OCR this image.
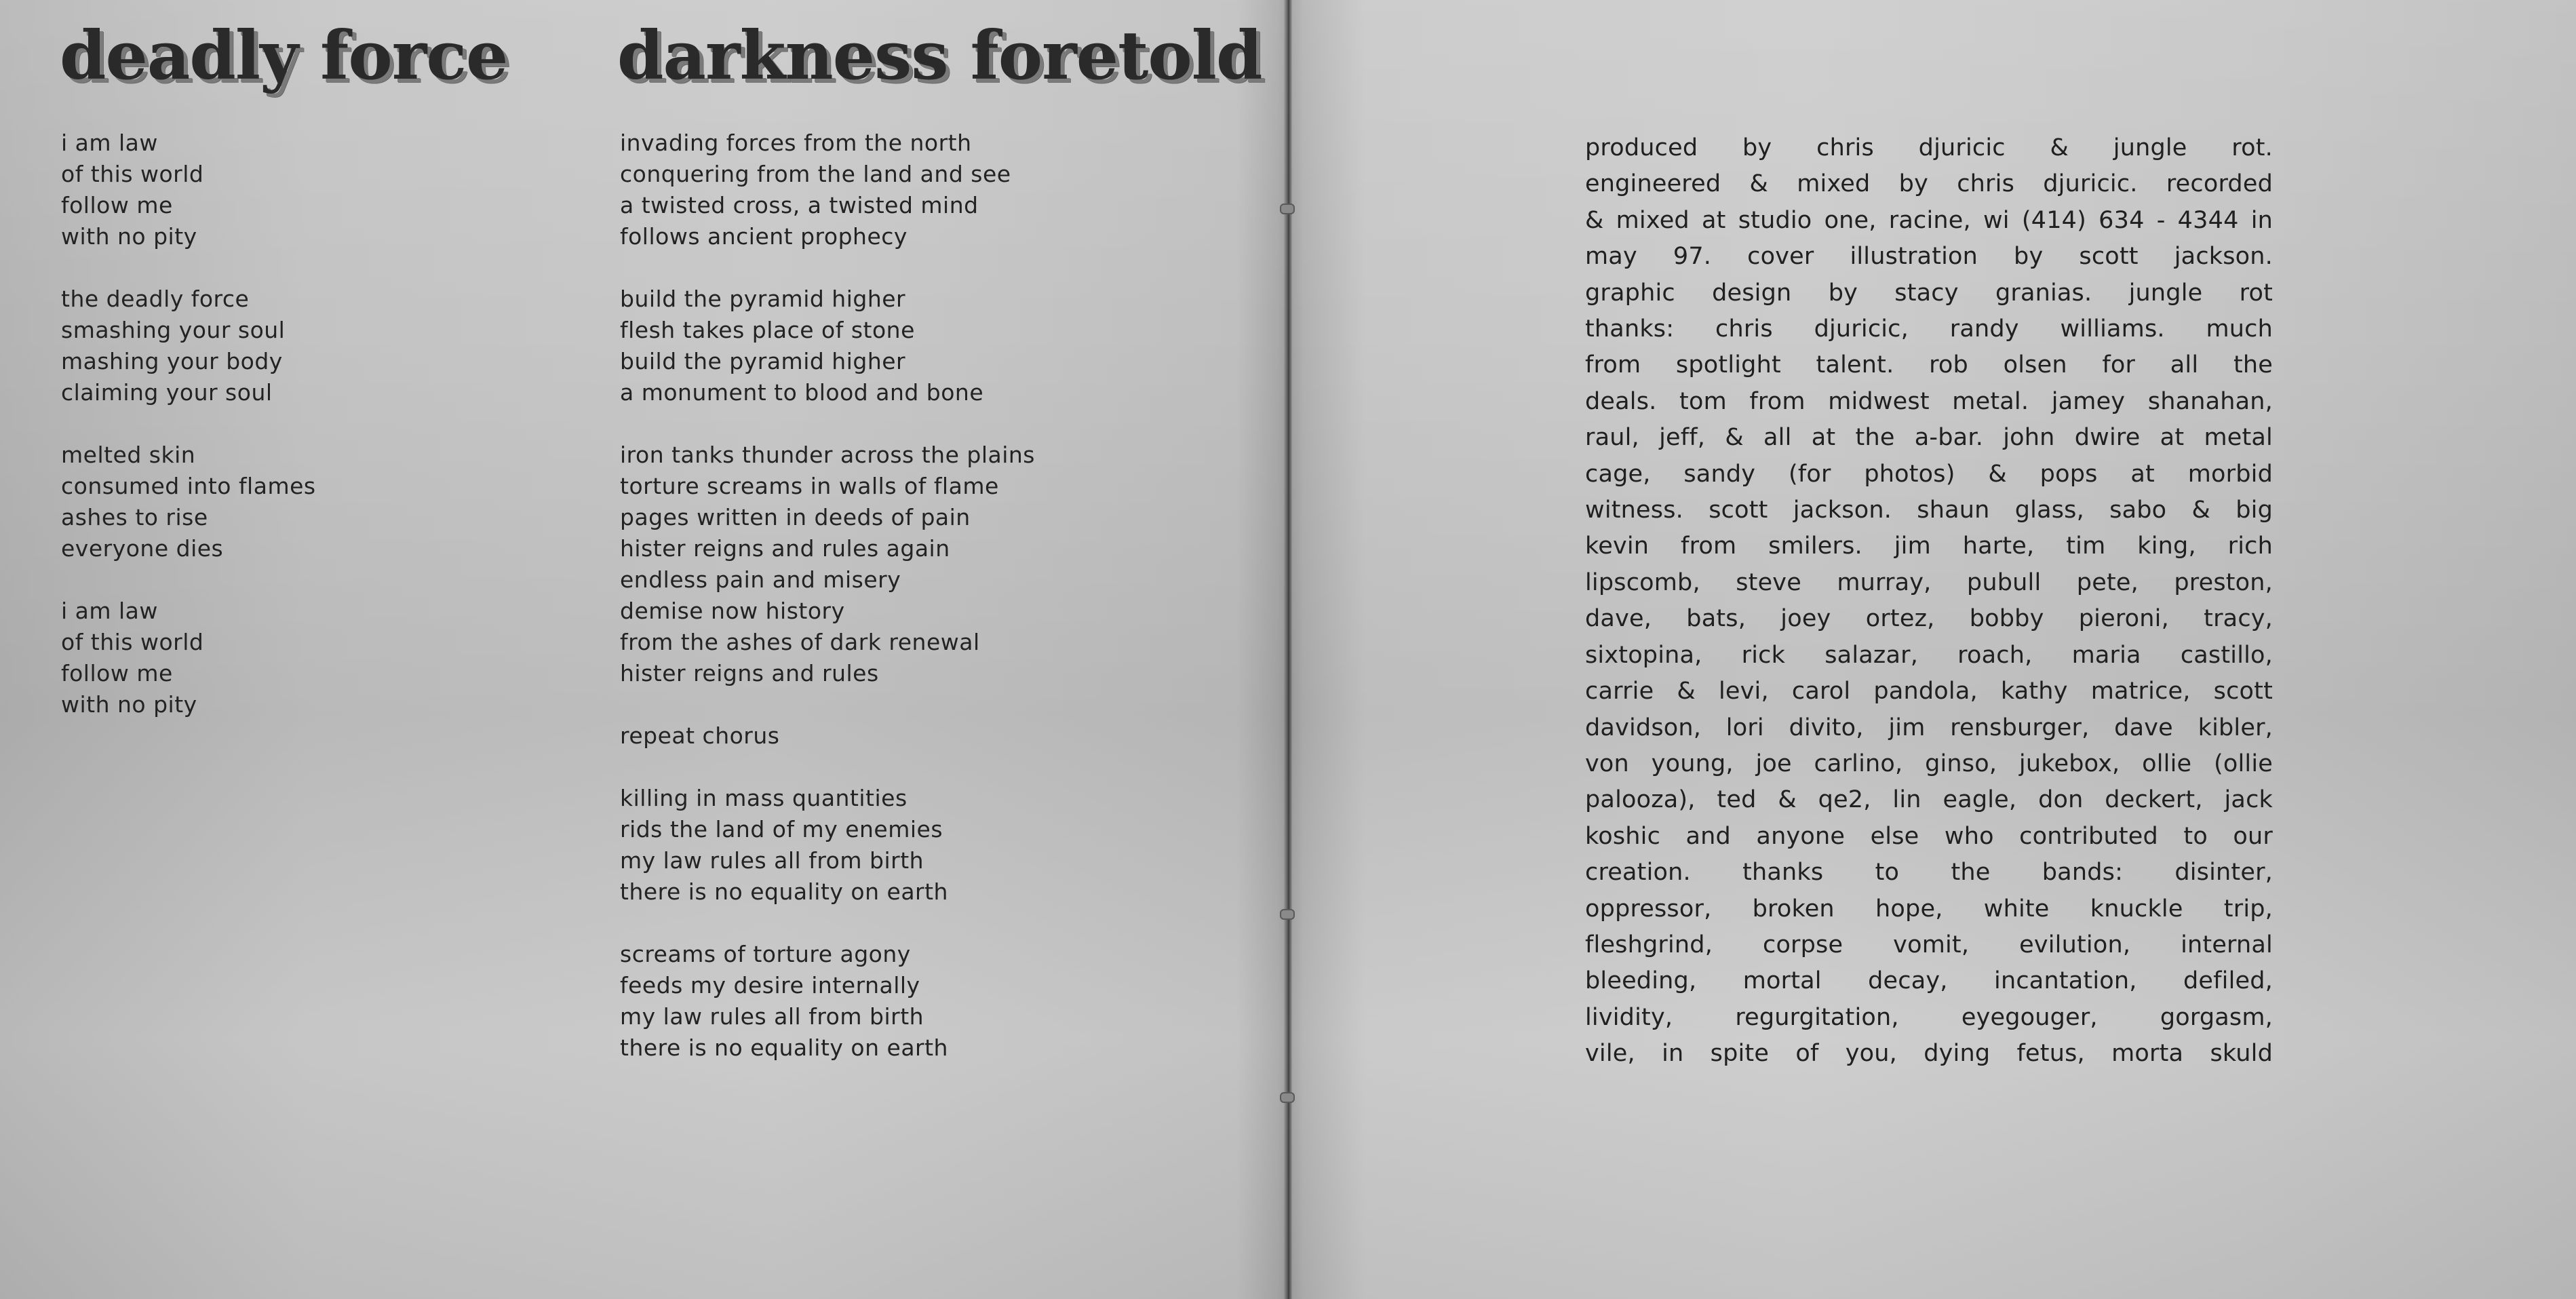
deadly force darkness foretold
i am law
of this world
follow me
with no pity
the deadly force
smashing your soul
mashing your body
claiming your soul
melted skin
consumed into flames
ashes to rise
everyone dies
i am law
of this world
follow me
with no pity
invading forces from the north
conquering from the land and see
a twisted cross, a twisted mind
follows ancient prophecy
build the pyramid higher
flesh takes place of stone
build the pyramid higher
a monument to blood and bone
iron tanks thunder across the plains
torture screams in walls of flame
pages written in deeds of pain
hister reigns and rules again
endless pain and misery
demise now history
from the ashes of dark renewal
hister reigns and rules
repeat chorus
killing in mass quantities
rids the land of my enemies
my law rules all from birth
there is no equality on earth
screams of torture agony
feeds my desire internally
my law rules all from birth
there is no equality on earth
produced by chris djuricic & jungle rot.
engineered & mixed by chris djuricic. recorded
& mixed at studio one, racine, wi (414) 634 - 4344 in
may 97. cover illustration by scott jackson.
graphic design by stacy granias. jungle rot
thanks: chris djuricic, randy williams. much
from spotlight talent. rob olsen for all the
deals. tom from midwest metal. jamey shanahan,
raul, jeff, & all at the a-bar. john dwire at metal
cage, sandy (for photos) & pops at morbid
witness. scott jackson. shaun glass, sabo & big
kevin from smilers. jim harte, tim king, rich
lipscomb, steve murray, pubull pete, preston,
dave, bats, joey ortez, bobby pieroni, tracy,
sixtopina, rick salazar, roach, maria castillo,
carrie & levi, carol pandola, kathy matrice, scott
davidson, lori divito, jim rensburger, dave kibler,
von young, joe carlino, ginso, jukebox, ollie (ollie
palooza), ted & qe2, lin eagle, don deckert, jack
koshic and anyone else who contributed to our
creation. thanks to the bands: disinter,
oppressor, broken hope, white knuckle trip,
fleshgrind, corpse vomit, evilution, internal
bleeding, mortal decay, incantation, defiled,
lividity, regurgitation, eyegouger, gorgasm,
vile, in spite of you, dying fetus, morta skuld
